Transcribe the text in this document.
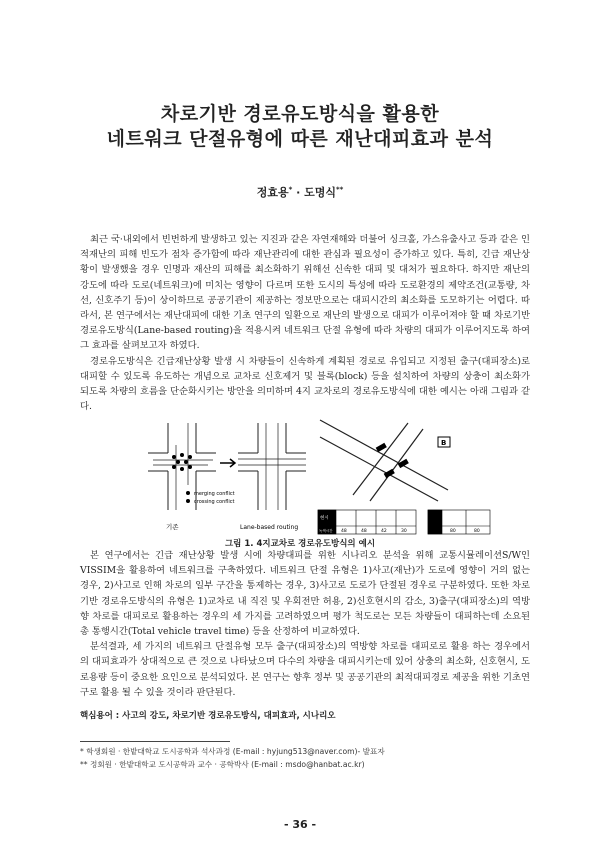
차로기반 경로유도방식을 활용한
네트워크 단절유형에 따른 재난대피효과 분석
정효용* · 도명식**

최근 국·내외에서 빈번하게 발생하고 있는 지진과 같은 자연재해와 더불어 싱크홀, 가스유출사고 등과 같은 인적재난의 피해 빈도가 점차 증가함에 따라 재난관리에 대한 관심과 필요성이 증가하고 있다. 특히, 긴급 재난상황이 발생했을 경우 인명과 재산의 피해를 최소화하기 위해선 신속한 대피 및 대처가 필요하다. 하지만 재난의 강도에 따라 도로(네트워크)에 미치는 영향이 다르며 또한 도시의 특성에 따라 도로환경의 제약조건(교통량, 차선, 신호주기 등)이 상이하므로 공공기관이 제공하는 정보만으로는 대피시간의 최소화를 도모하기는 어렵다. 따라서, 본 연구에서는 재난대피에 대한 기초 연구의 일환으로 재난의 발생으로 대피가 이루어져야 할 때 차로기반 경로유도방식(Lane-based routing)을 적용시켜 네트워크 단절 유형에 따라 차량의 대피가 이루어지도록 하여 그 효과를 살펴보고자 하였다.

경로유도방식은 긴급재난상황 발생 시 차량들이 신속하게 계획된 경로로 유입되고 지정된 출구(대피장소)로 대피할 수 있도록 유도하는 개념으로 교차로 신호제거 및 블록(block) 등을 설치하여 차량의 상충이 최소화가 되도록 차량의 흐름을 단순화시키는 방안을 의미하며 4지 교차로의 경로유도방식에 대한 예시는 아래 그림과 같다.

merging conflict
crossing conflict
기존	Lane-based routing
B
현시
녹색시간 48	48	42	30	80	80
그림 1. 4지교차로 경로유도방식의 예시

본 연구에서는 긴급 재난상황 발생 시에 차량대피를 위한 시나리오 분석을 위해 교통시뮬레이션S/W인 VISSIM을 활용하여 네트워크를 구축하였다. 네트워크 단절 유형은 1)사고(재난)가 도로에 영향이 거의 없는 경우, 2)사고로 인해 차로의 일부 구간을 통제하는 경우, 3)사고로 도로가 단절된 경우로 구분하였다. 또한 차로기반 경로유도방식의 유형은 1)교차로 내 직진 및 우회전만 허용, 2)신호현시의 감소, 3)출구(대피장소)의 역방향 차로를 대피로로 활용하는 경우의 세 가지를 고려하였으며 평가 척도로는 모든 차량들이 대피하는데 소요된 총 통행시간(Total vehicle travel time) 등을 산정하여 비교하였다.

분석결과, 세 가지의 네트워크 단절유형 모두 출구(대피장소)의 역방향 차로를 대피로로 활용 하는 경우에서의 대피효과가 상대적으로 큰 것으로 나타났으며 다수의 차량을 대피시키는데 있어 상충의 최소화, 신호현시, 도로용량 등이 중요한 요인으로 분석되었다. 본 연구는 향후 정부 및 공공기관의 최적대피경로 제공을 위한 기초연구로 활용 될 수 있을 것이라 판단된다.

핵심용어 : 사고의 강도, 차로기반 경로유도방식, 대피효과, 시나리오
* 학생회원 · 한밭대학교 도시공학과 석사과정 (E-mail : hyjung513@naver.com)- 발표자
** 정회원 · 한밭대학교 도시공학과 교수 · 공학박사 (E-mail : msdo@hanbat.ac.kr)
- 36 -
